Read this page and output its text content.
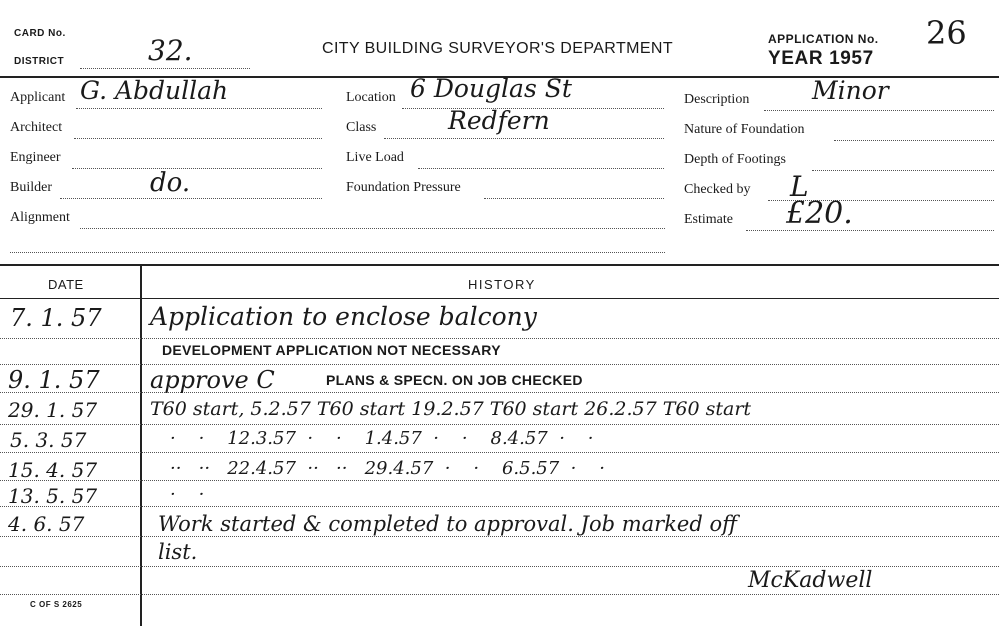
CARD No.
DISTRICT	32.	CITY BUILDING SURVEYOR'S DEPARTMENT
APPLICATION No. 26
YEAR 1957
Applicant G. Abdullah
Architect
Engineer
Builder	do.
Alignment
Location 6 Douglas St
Class	Redfern
Live Load
Foundation Pressure
Description	Minor
Nature of Foundation
Depth of Footings
Checked by L
Estimate £20.
DATE	HISTORY
7. 1. 57 Application to enclose balcony
DEVELOPMENT APPLICATION NOT NECESSARY
9. 1. 57 approve C	PLANS & SPECN. ON JOB CHECKED
29. 1. 57	T60 start, 5.2.57 T60 start 19.2.57 T60 start 26.2.57 T60 start
5. 3. 57	·    ·    12.3.57  ·    ·    1.4.57  ·    ·    8.4.57  ·    ·
15. 4. 57	··   ··   22.4.57  ··   ··   29.4.57  ·    ·    6.5.57  ·    ·
13. 5. 57	·    ·
4. 6. 57	Work started & completed to approval. Job marked off
list.
McKadwell
C OF S 2625
